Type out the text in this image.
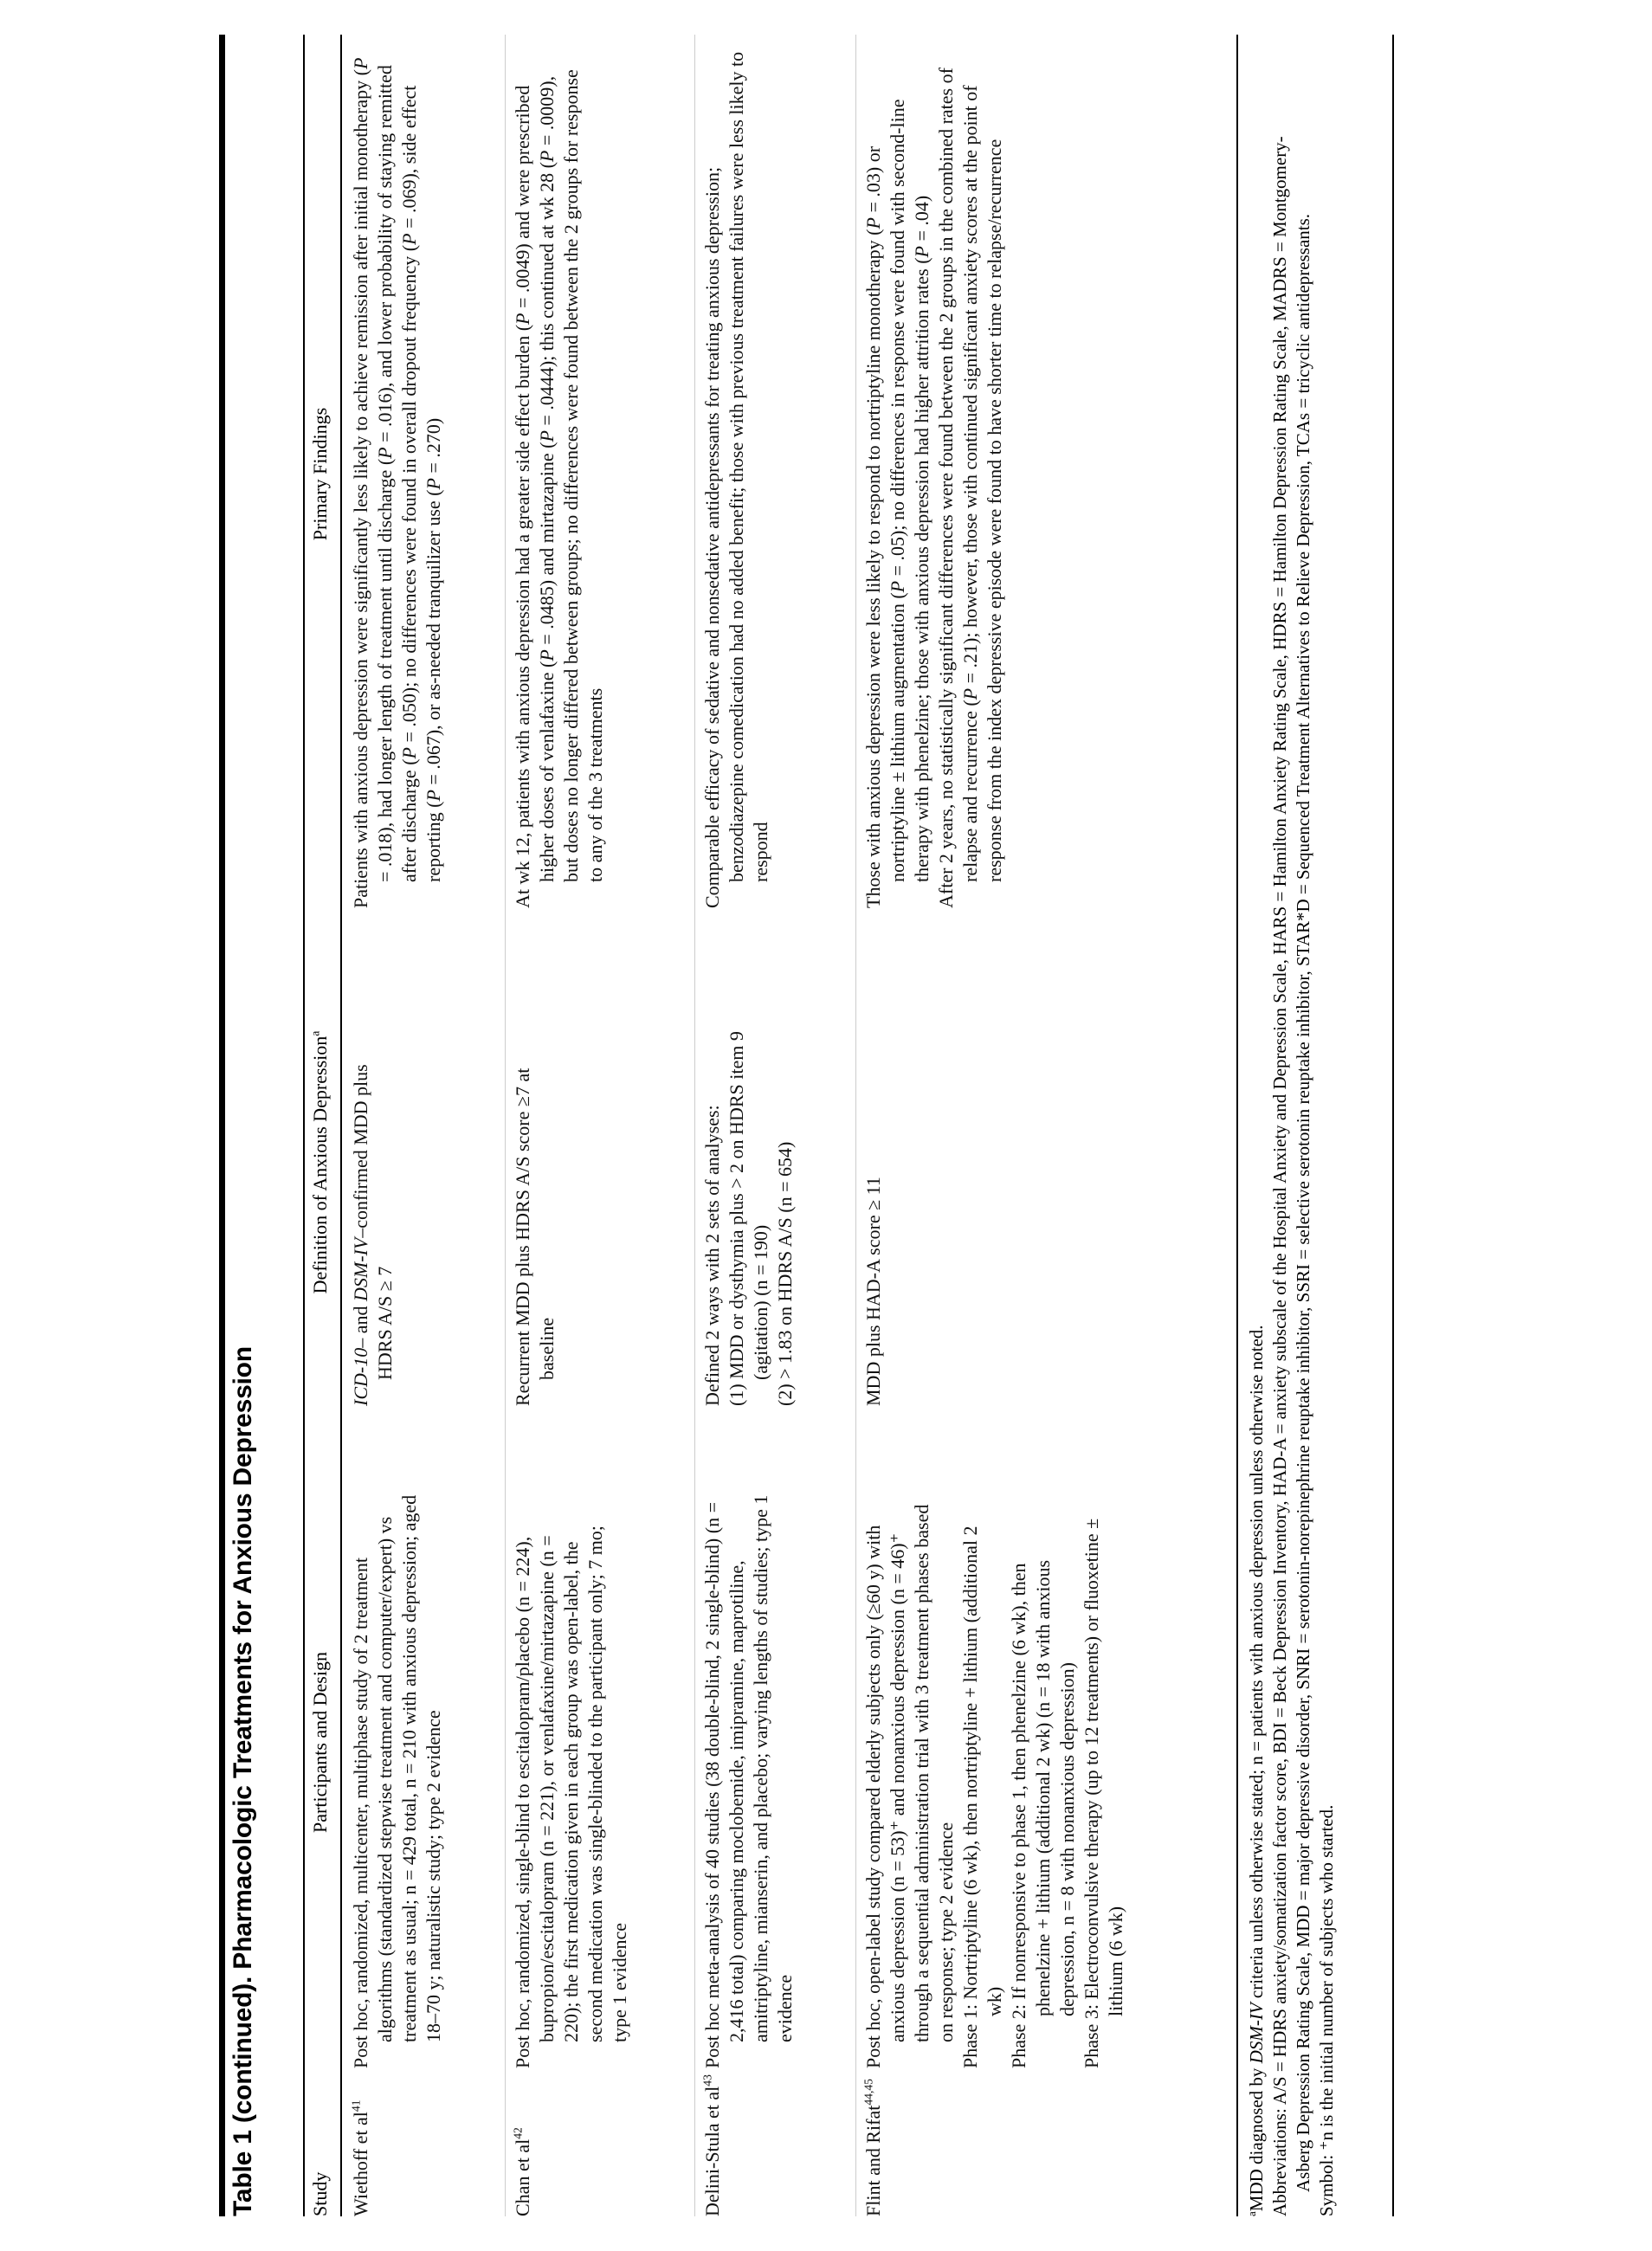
Table 1 (continued). Pharmacologic Treatments for Anxious Depression	Study
Participants and Design
Definition of Anxious Depression$^a$
Primary Findings
Wiethoff et $al^{41}$
Post hoc, randomized, multicenter, multiphase study of 2 treatment algorithms (standardized stepwise treatment and computer/expert) vs treatment as usual; n = 429 total, n = 210 with anxious depression; aged 18–70 y; naturalistic study; type 2 evidence
ICD-10– and DSM-IV–confirmed MDD plus HDRS A/S ≥ 7
Patients with anxious depression were significantly less likely to achieve remission after initial monotherapy (P = .018), had longer length of treatment until discharge (P = .016), and lower probability of staying remitted after discharge (P = .050); no differences were found in overall dropout frequency (P = .069), side effect reporting (P = .067), or as-needed tranquilizer use (P = .270)
Chan et $al^{42}$
Post hoc, randomized, single-blind to escitalopram/placebo (n = 224), bupropion/escitalopram (n = 221), or venlafaxine/mirtazapine (n = 220); the first medication given in each group was open-label, the second medication was single-blinded to the participant only; 7 mo; type 1 evidence
Recurrent MDD plus HDRS A/S score ≥7 at baseline
At wk 12, patients with anxious depression had a greater side effect burden (P = .0049) and were prescribed higher doses of venlafaxine (P = .0485) and mirtazapine (P = .0444); this continued at wk 28 (P = .0009), but doses no longer differed between groups; no differences were found between the 2 groups for response to any of the 3 treatments
Delini-Stula et $al^{43}$
Post hoc meta-analysis of 40 studies (38 double-blind, 2 single-blind) (n = 2,416 total) comparing moclobemide, imipramine, maprotiline, amitriptyline, mianserin, and placebo; varying lengths of studies; type 1 evidence
Defined 2 ways with 2 sets of analyses: (1) MDD or dysthymia plus > 2 on HDRS item 9 (agitation) (n = 190) (2) > 1.83 on HDRS A/S (n = 654)
Comparable efficacy of sedative and nonsedative antidepressants for treating anxious depression; benzodiazepine comedication had no added benefit; those with previous treatment failures were less likely to respond
Flint and Rifat$^{44,45}$
Post hoc, open-label study compared elderly subjects only (≥60 y) with anxious depression (n = 53)⁺ and nonanxious depression (n = 46)⁺ through a sequential administration trial with 3 treatment phases based on response; type 2 evidence Phase 1: Nortriptyline (6 wk), then nortriptyline + lithium (additional 2 wk) Phase 2: If nonresponsive to phase 1, then phenelzine (6 wk), then phenelzine + lithium (additional 2 wk) (n = 18 with anxious depression, n = 8 with nonanxious depression) Phase 3: Electroconvulsive therapy (up to 12 treatments) or fluoxetine ± lithium (6 wk)
MDD plus HAD-A score ≥ 11
Those with anxious depression were less likely to respond to nortriptyline monotherapy (P = .03) or nortriptyline ± lithium augmentation (P = .05); no differences in response were found with second-line therapy with phenelzine; those with anxious depression had higher attrition rates (P = .04) After 2 years, no statistically significant differences were found between the 2 groups in the combined rates of relapse and recurrence (P = .21); however, those with continued significant anxiety scores at the point of response from the index depressive episode were found to have shorter time to relapse/recurrence
$^a$MDD diagnosed by DSM-IV criteria unless otherwise stated; n = patients with anxious depression unless otherwise noted. Abbreviations: A/S = HDRS anxiety/somatization factor score, BDI = Beck Depression Inventory, HAD-A = anxiety subscale of the Hospital Anxiety and Depression Scale, HARS = Hamilton Anxiety Rating Scale, HDRS = Hamilton Depression Rating Scale, MADRS = Montgomery-Asberg Depression Rating Scale, MDD = major depressive disorder, SNRI = serotonin-norepinephrine reuptake inhibitor, SSRI = selective serotonin reuptake inhibitor, STAR*D = Sequenced Treatment Alternatives to Relieve Depression, TCAs = tricyclic antidepressants. Symbol: ⁺n is the initial number of subjects who started.
